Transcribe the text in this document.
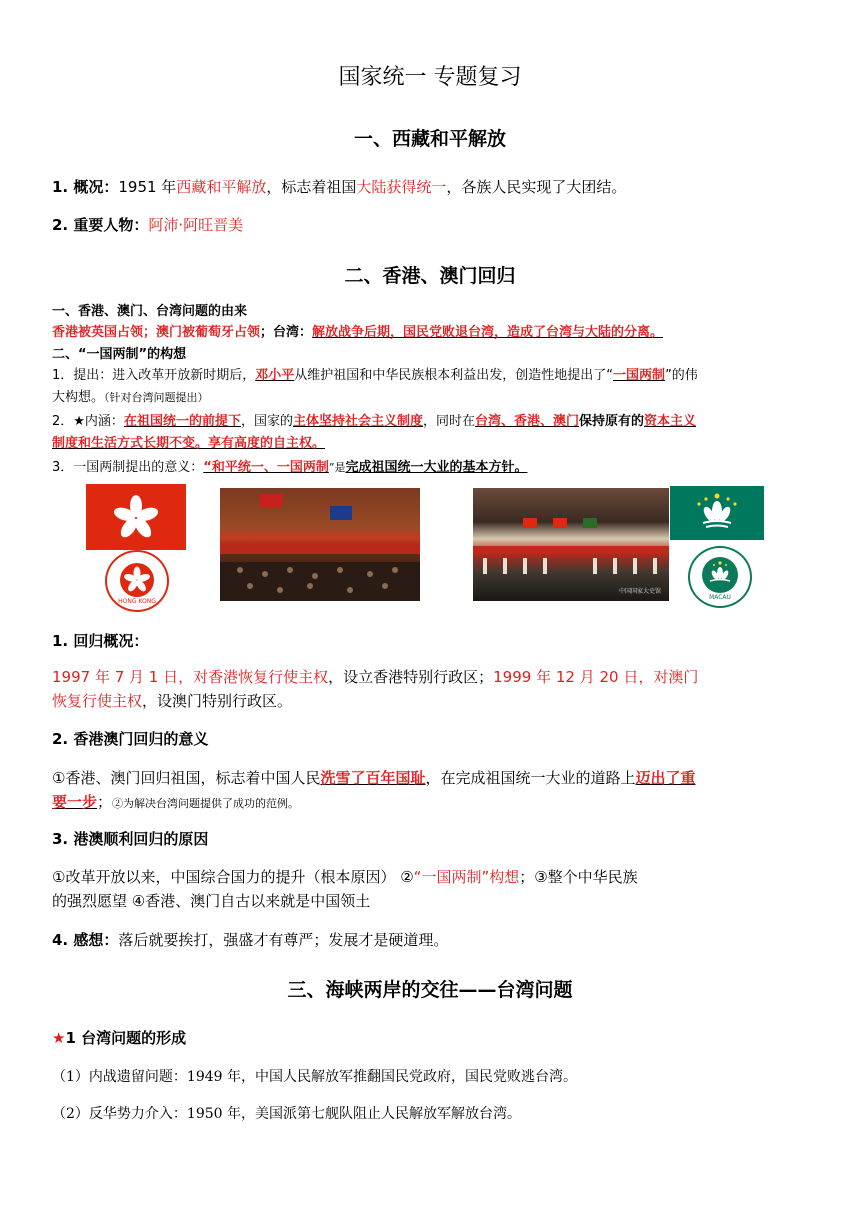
国家统一 专题复习
一、西藏和平解放
1. 概况：1951 年西藏和平解放，标志着祖国大陆获得统一，各族人民实现了大团结。
2. 重要人物：阿沛·阿旺晋美
二、香港、澳门回归
一、香港、澳门、台湾问题的由来
香港被英国占领；澳门被葡萄牙占领；台湾：解放战争后期，国民党败退台湾，造成了台湾与大陆的分离。
二、“一国两制”的构想
1．提出：进入改革开放新时期后，邓小平从维护祖国和中华民族根本利益出发，创造性地提出了“一国两制”的伟
大构想。（针对台湾问题提出）
2．★内涵：在祖国统一的前提下，国家的主体坚持社会主义制度，同时在台湾、香港、澳门保持原有的资本主义
制度和生活方式长期不变。享有高度的自主权。
3．一国两制提出的意义：“和平统一、一国两制”是完成祖国统一大业的基本方针。
HONG KONG
中国国家大史馆
MACAU
1. 回归概况：
1997 年 7 月 1 日，对香港恢复行使主权，设立香港特别行政区；1999 年 12 月 20 日，对澳门
恢复行使主权，设澳门特别行政区。
2. 香港澳门回归的意义
①香港、澳门回归祖国，标志着中国人民洗雪了百年国耻，在完成祖国统一大业的道路上迈出了重
要一步；②为解决台湾问题提供了成功的范例。
3. 港澳顺利回归的原因
①改革开放以来，中国综合国力的提升（根本原因） ②“一国两制”构想；③整个中华民族
的强烈愿望 ④香港、澳门自古以来就是中国领土
4. 感想：落后就要挨打，强盛才有尊严；发展才是硬道理。
三、海峡两岸的交往——台湾问题
★1 台湾问题的形成
（1）内战遗留问题：1949 年，中国人民解放军推翻国民党政府，国民党败逃台湾。
（2）反华势力介入：1950 年，美国派第七舰队阻止人民解放军解放台湾。
